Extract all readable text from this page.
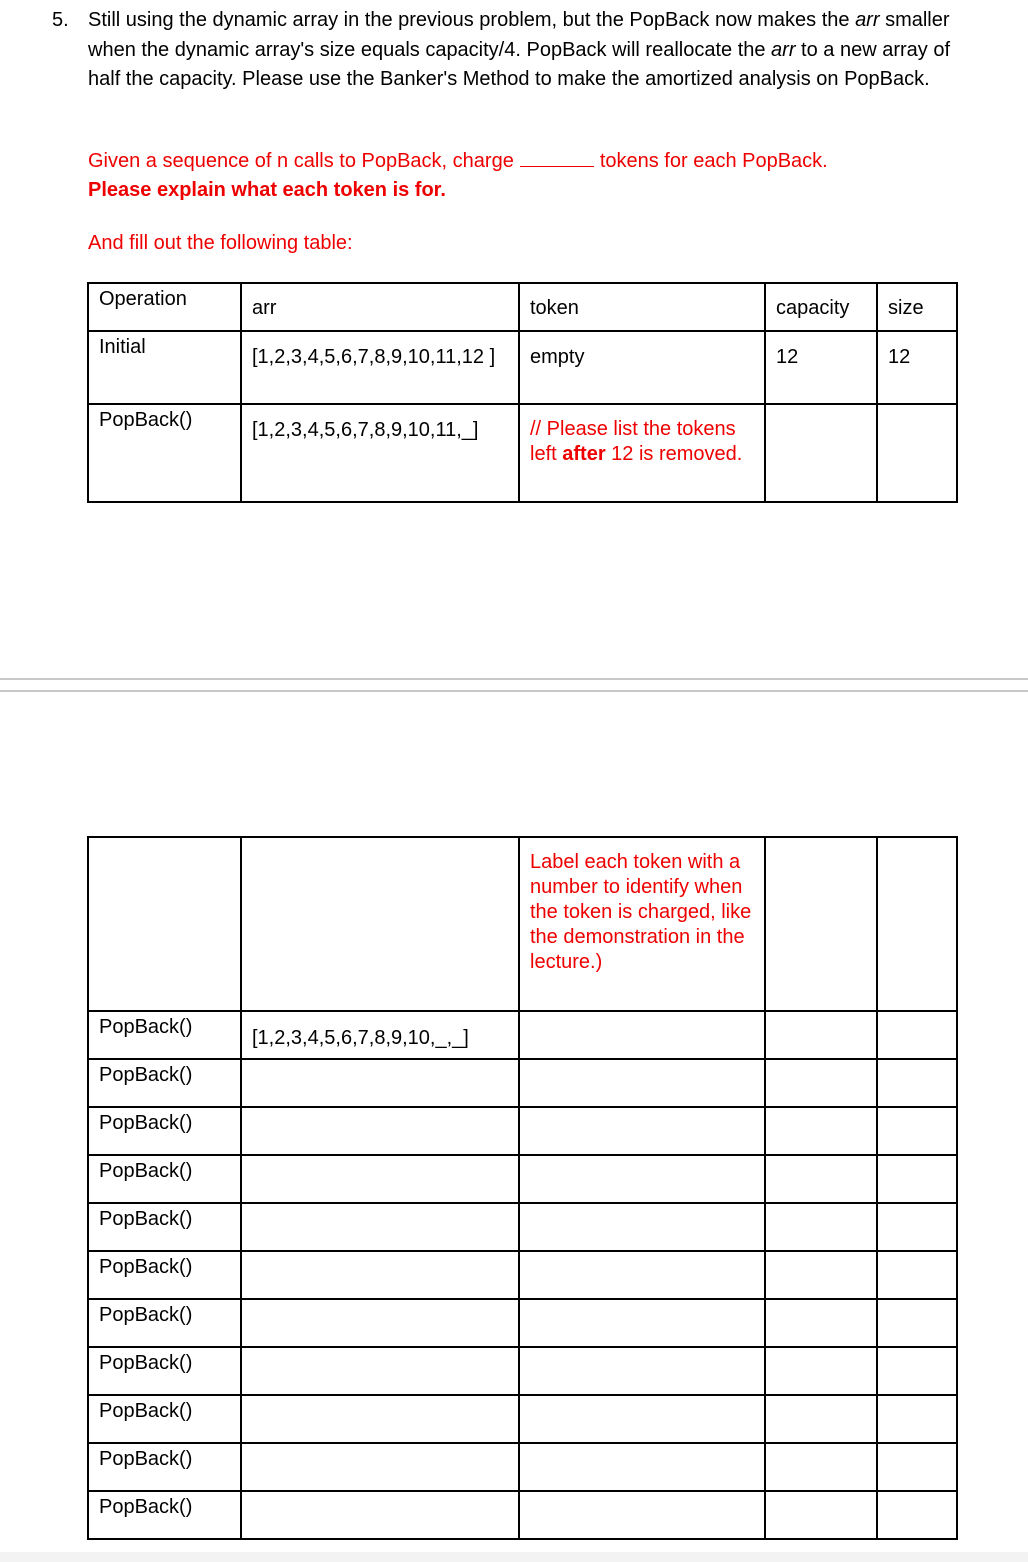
5. Still using the dynamic array in the previous problem, but the PopBack now makes the arr smaller when the dynamic array's size equals capacity/4. PopBack will reallocate the arr to a new array of half the capacity. Please use the Banker's Method to make the amortized analysis on PopBack.
Given a sequence of n calls to PopBack, charge	tokens for each PopBack.
Please explain what each token is for.
And fill out the following table:
Operation	arr	token	capacity	size

Initial	[1,2,3,4,5,6,7,8,9,10,11,12 ]	empty	12	12

PopBack()	[1,2,3,4,5,6,7,8,9,10,11,_]	// Please list the tokens left after 12 is removed.		

		Label each token with a number to identify when the token is charged, like the demonstration in the lecture.)		

PopBack()	[1,2,3,4,5,6,7,8,9,10,_,_]			

PopBack()				

PopBack()				

PopBack()				

PopBack()				

PopBack()				

PopBack()				

PopBack()				

PopBack()				

PopBack()				

PopBack()				
